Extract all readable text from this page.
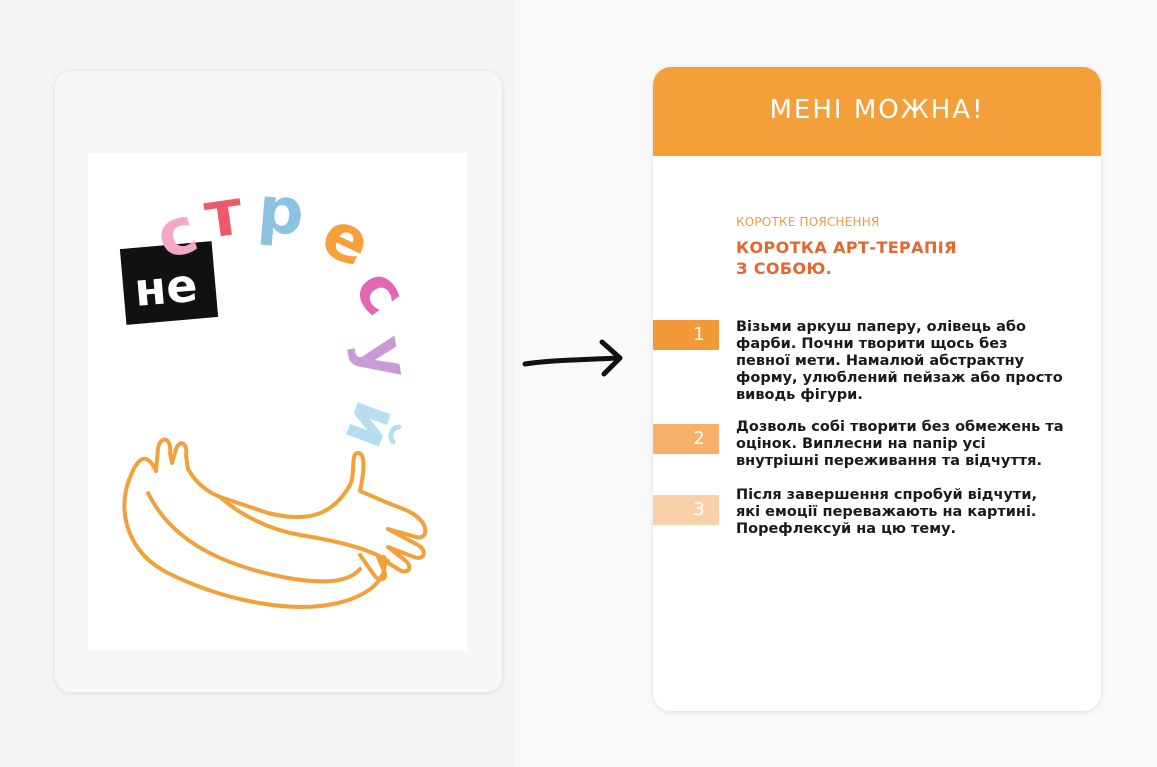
не
с
т р е
с
у
й
МЕНІ МОЖНА!
КОРОТКЕ ПОЯСНЕННЯ
КОРОТКА АРТ-ТЕРАПІЯ
З СОБОЮ.
1	Візьми аркуш паперу, олівець або фарби. Почни творити щось без певної мети. Намалюй абстрактну форму, улюблений пейзаж або просто виводь фігури.
2
Дозволь собі творити без обмежень та оцінок. Виплесни на папір усі внутрішні переживання та відчуття.
3
Після завершення спробуй відчути, які емоції переважають на картині. Порефлексуй на цю тему.
